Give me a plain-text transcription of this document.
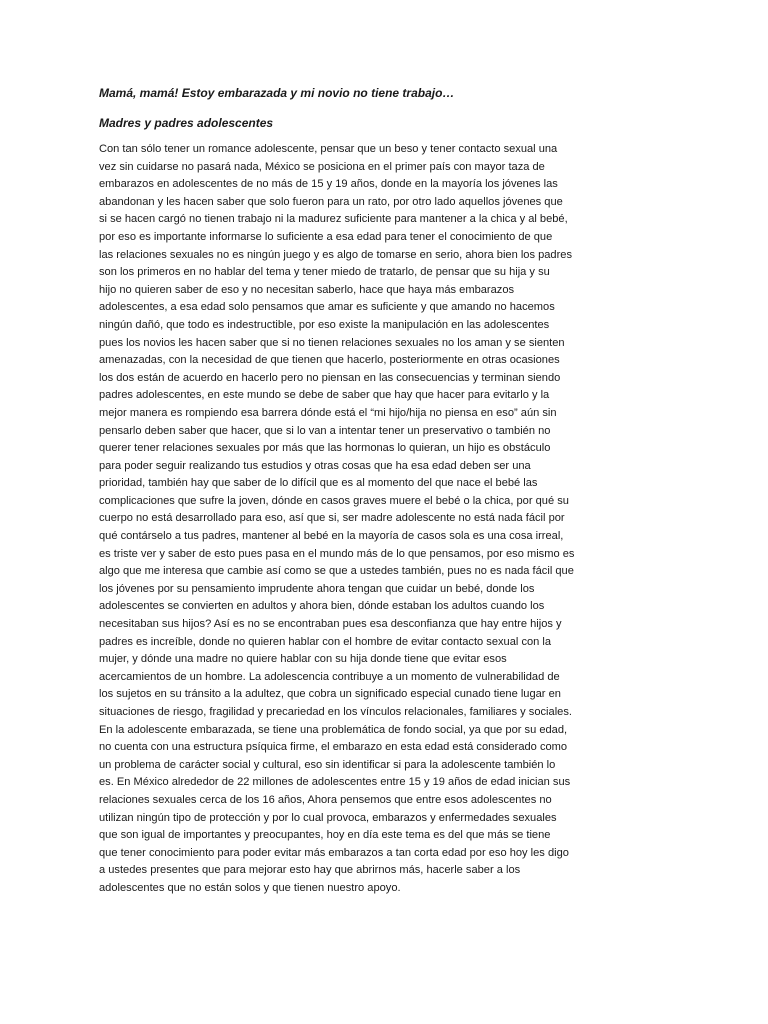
Mamá, mamá! Estoy embarazada y mi novio no tiene trabajo…
Madres y padres adolescentes
Con tan sólo tener un romance adolescente, pensar que un beso y tener contacto sexual una
vez sin cuidarse no pasará nada, México se posiciona en el primer país con mayor taza de
embarazos en adolescentes de no más de 15 y 19 años, donde en la mayoría los jóvenes las
abandonan y les hacen saber que solo fueron para un rato, por otro lado aquellos jóvenes que
si se hacen cargó no tienen trabajo ni la madurez suficiente para mantener a la chica y al bebé,
por eso es importante informarse lo suficiente a esa edad para tener el conocimiento de que
las relaciones sexuales no es ningún juego y es algo de tomarse en serio, ahora bien los padres
son los primeros en no hablar del tema y tener miedo de tratarlo, de pensar que su hija y su
hijo no quieren saber de eso y no necesitan saberlo, hace que haya más embarazos
adolescentes, a esa edad solo pensamos que amar es suficiente y que amando no hacemos
ningún dañó, que todo es indestructible, por eso existe la manipulación en las adolescentes
pues los novios les hacen saber que si no tienen relaciones sexuales no los aman y se sienten
amenazadas, con la necesidad de que tienen que hacerlo, posteriormente en otras ocasiones
los dos están de acuerdo en hacerlo pero no piensan en las consecuencias y terminan siendo
padres adolescentes, en este mundo se debe de saber que hay que hacer para evitarlo y la
mejor manera es rompiendo esa barrera dónde está el “mi hijo/hija no piensa en eso” aún sin
pensarlo deben saber que hacer, que si lo van a intentar tener un preservativo o también no
querer tener relaciones sexuales por más que las hormonas lo quieran, un hijo es obstáculo
para poder seguir realizando tus estudios y otras cosas que ha esa edad deben ser una
prioridad, también hay que saber de lo difícil que es al momento del que nace el bebé las
complicaciones que sufre la joven, dónde en casos graves muere el bebé o la chica, por qué su
cuerpo no está desarrollado para eso, así que si, ser madre adolescente no está nada fácil por
qué contárselo a tus padres, mantener al bebé en la mayoría de casos sola es una cosa irreal,
es triste ver y saber de esto pues pasa en el mundo más de lo que pensamos, por eso mismo es
algo que me interesa que cambie así como se que a ustedes también, pues no es nada fácil que
los jóvenes por su pensamiento imprudente ahora tengan que cuidar un bebé, donde los
adolescentes se convierten en adultos y ahora bien, dónde estaban los adultos cuando los
necesitaban sus hijos? Así es no se encontraban pues esa desconfianza que hay entre hijos y
padres es increíble, donde no quieren hablar con el hombre de evitar contacto sexual con la
mujer, y dónde una madre no quiere hablar con su hija donde tiene que evitar esos
acercamientos de un hombre. La adolescencia contribuye a un momento de vulnerabilidad de
los sujetos en su tránsito a la adultez, que cobra un significado especial cunado tiene lugar en
situaciones de riesgo, fragilidad y precariedad en los vínculos relacionales, familiares y sociales.
En la adolescente embarazada, se tiene una problemática de fondo social, ya que por su edad,
no cuenta con una estructura psíquica firme, el embarazo en esta edad está considerado como
un problema de carácter social y cultural, eso sin identificar si para la adolescente también lo
es. En México alrededor de 22 millones de adolescentes entre 15 y 19 años de edad inician sus
relaciones sexuales cerca de los 16 años, Ahora pensemos que entre esos adolescentes no
utilizan ningún tipo de protección y por lo cual provoca, embarazos y enfermedades sexuales
que son igual de importantes y preocupantes, hoy en día este tema es del que más se tiene
que tener conocimiento para poder evitar más embarazos a tan corta edad por eso hoy les digo
a ustedes presentes que para mejorar esto hay que abrirnos más, hacerle saber a los
adolescentes que no están solos y que tienen nuestro apoyo.
